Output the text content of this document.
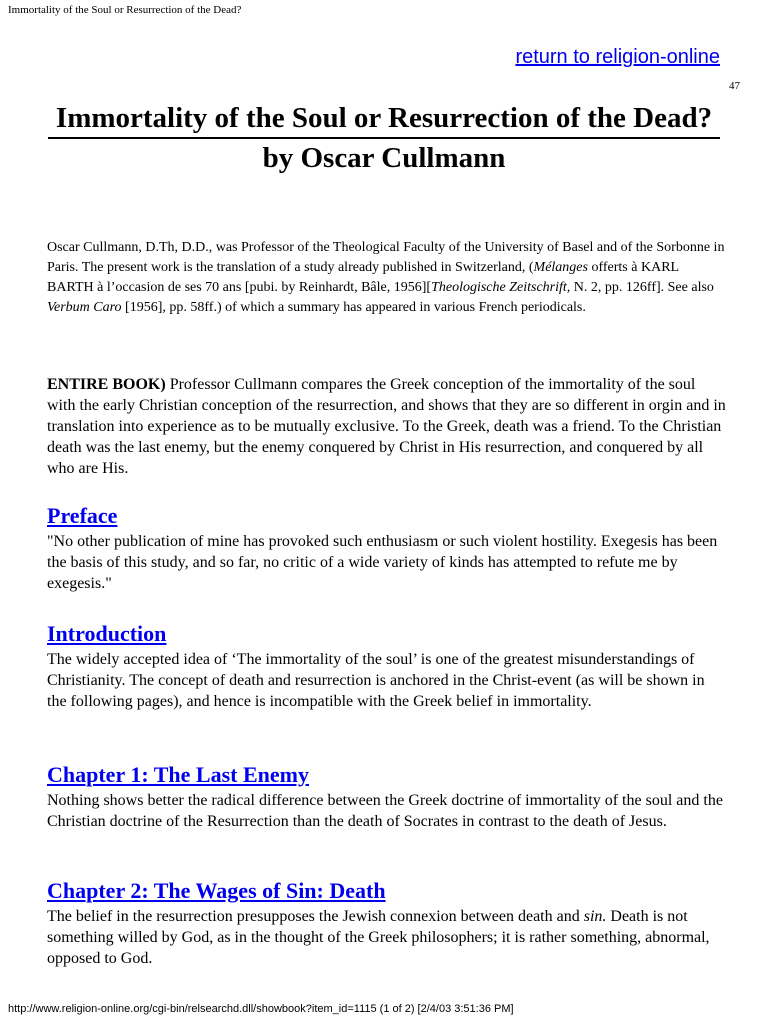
Immortality of the Soul or Resurrection of the Dead?
return to religion-online
47
Immortality of the Soul or Resurrection of the Dead?
by Oscar Cullmann
Oscar Cullmann, D.Th, D.D., was Professor of the Theological Faculty of the University of Basel and of the Sorbonne in Paris. The present work is the translation of a study already published in Switzerland, (Mélanges offerts à KARL BARTH à l’occasion de ses 70 ans [pubi. by Reinhardt, Bâle, 1956][Theologische Zeitschrift, N. 2, pp. 126ff]. See also Verbum Caro [1956], pp. 58ff.) of which a summary has appeared in various French periodicals.
ENTIRE BOOK) Professor Cullmann compares the Greek conception of the immortality of the soul with the early Christian conception of the resurrection, and shows that they are so different in orgin and in translation into experience as to be mutually exclusive. To the Greek, death was a friend. To the Christian death was the last enemy, but the enemy conquered by Christ in His resurrection, and conquered by all who are His.
Preface

"No other publication of mine has provoked such enthusiasm or such violent hostility. Exegesis has been the basis of this study, and so far, no critic of a wide variety of kinds has attempted to refute me by exegesis."

Introduction

The widely accepted idea of ‘The immortality of the soul’ is one of the greatest misunderstandings of Christianity. The concept of death and resurrection is anchored in the Christ-event (as will be shown in the following pages), and hence is incompatible with the Greek belief in immortality.

Chapter 1: The Last Enemy

Nothing shows better the radical difference between the Greek doctrine of immortality of the soul and the Christian doctrine of the Resurrection than the death of Socrates in contrast to the death of Jesus.

Chapter 2: The Wages of Sin: Death

The belief in the resurrection presupposes the Jewish connexion between death and sin. Death is not something willed by God, as in the thought of the Greek philosophers; it is rather something, abnormal, opposed to God.

http://www.religion-online.org/cgi-bin/relsearchd.dll/showbook?item_id=1115 (1 of 2) [2/4/03 3:51:36 PM]
